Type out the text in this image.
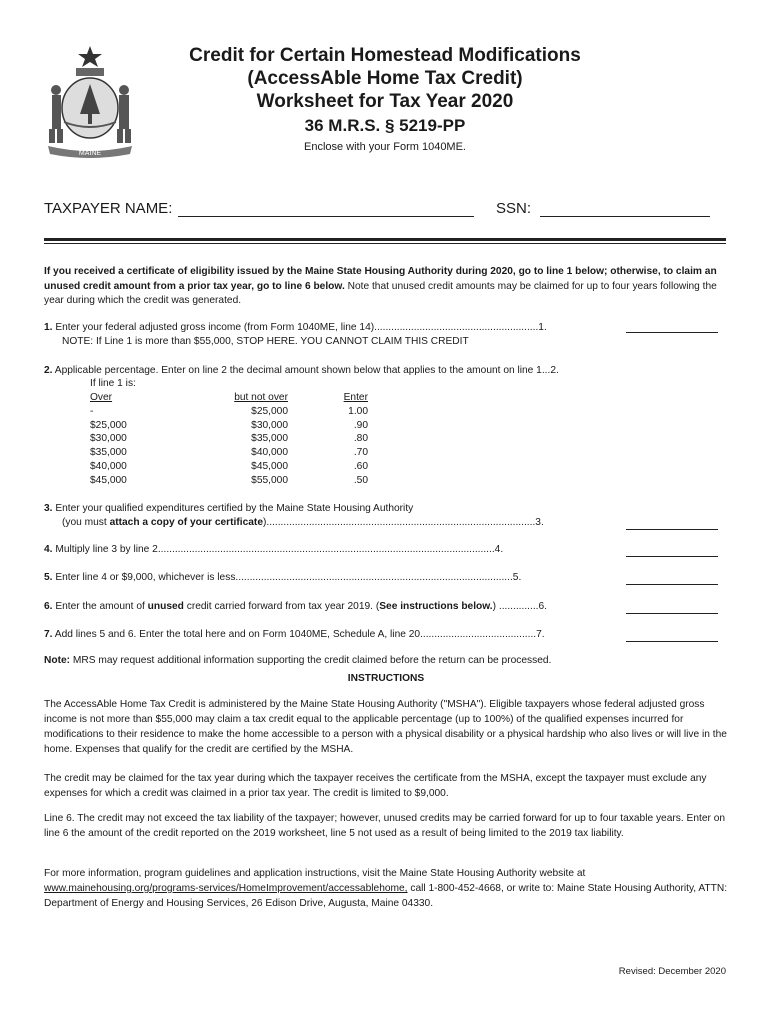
MAINE
Credit for Certain Homestead Modifications
(AccessAble Home Tax Credit)
Worksheet for Tax Year 2020
36 M.R.S. § 5219-PP
Enclose with your Form 1040ME.
TAXPAYER NAME:	SSN:
If you received a certificate of eligibility issued by the Maine State Housing Authority during 2020, go to line 1 below; otherwise, to claim an unused credit amount from a prior tax year, go to line 6 below. Note that unused credit amounts may be claimed for up to four years following the year during which the credit was generated.
1. Enter your federal adjusted gross income (from Form 1040ME, line 14)..........................................................1.
NOTE: If Line 1 is more than $55,000, STOP HERE. YOU CANNOT CLAIM THIS CREDIT
2. Applicable percentage. Enter on line 2 the decimal amount shown below that applies to the amount on line 1...2.
If line 1 is:
Over	but not over	Enter
-	$25,000	1.00
$25,000	$30,000	.90
$30,000	$35,000	.80
$35,000	$40,000	.70
$40,000	$45,000	.60
$45,000	$55,000	.50
3. Enter your qualified expenditures certified by the Maine State Housing Authority
(you must attach a copy of your certificate)...............................................................................................3.
4. Multiply line 3 by line 2.......................................................................................................................4.
5. Enter line 4 or $9,000, whichever is less..................................................................................................5.
6. Enter the amount of unused credit carried forward from tax year 2019. (See instructions below.) ..............6.
7. Add lines 5 and 6. Enter the total here and on Form 1040ME, Schedule A, line 20.........................................7.
Note: MRS may request additional information supporting the credit claimed before the return can be processed.
INSTRUCTIONS
The AccessAble Home Tax Credit is administered by the Maine State Housing Authority ("MSHA"). Eligible taxpayers whose federal adjusted gross income is not more than $55,000 may claim a tax credit equal to the applicable percentage (up to 100%) of the qualified expenses incurred for modifications to their residence to make the home accessible to a person with a physical disability or a physical hardship who also lives or will live in the home. Expenses that qualify for the credit are certified by the MSHA.
The credit may be claimed for the tax year during which the taxpayer receives the certificate from the MSHA, except the taxpayer must exclude any expenses for which a credit was claimed in a prior tax year. The credit is limited to $9,000.
Line 6. The credit may not exceed the tax liability of the taxpayer; however, unused credits may be carried forward for up to four taxable years. Enter on line 6 the amount of the credit reported on the 2019 worksheet, line 5 not used as a result of being limited to the 2019 tax liability.
For more information, program guidelines and application instructions, visit the Maine State Housing Authority website at www.mainehousing.org/programs-services/HomeImprovement/accessablehome, call 1-800-452-4668, or write to: Maine State Housing Authority, ATTN: Department of Energy and Housing Services, 26 Edison Drive, Augusta, Maine 04330.
Revised: December 2020
